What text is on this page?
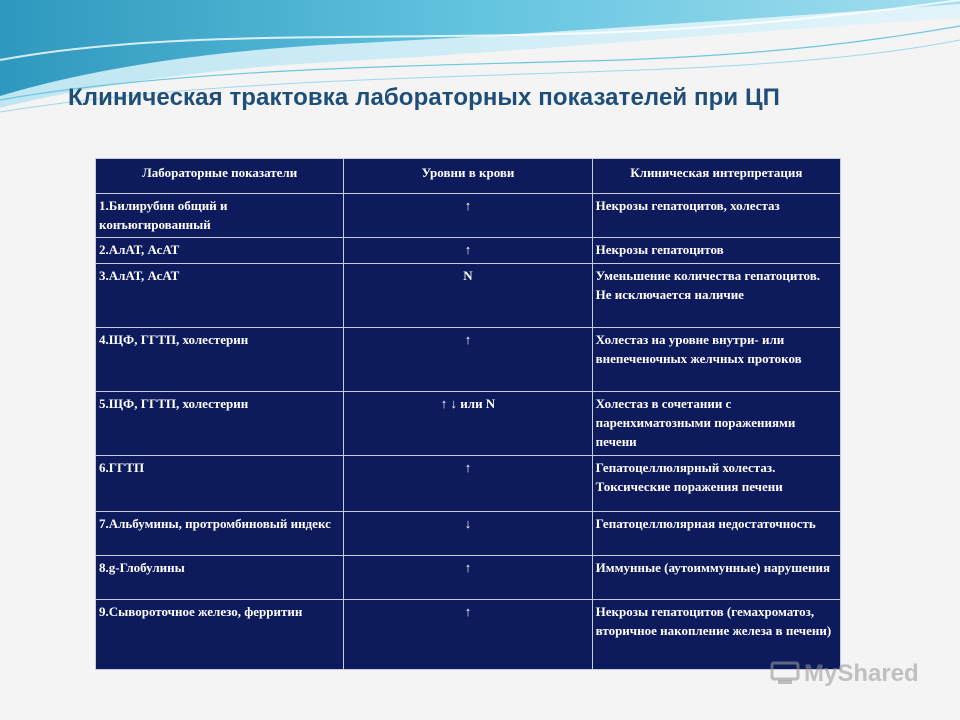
Клиническая трактовка лабораторных показателей при ЦП
Лабораторные показатели	Уровни в крови	Клиническая интерпретация
1.Билирубин общий и конъюгированный	↑	Некрозы гепатоцитов, холестаз
2.АлАТ, АсАТ	↑	Некрозы гепатоцитов
3.АлАТ, АсАТ	N	Уменьшение количества гепатоцитов. Не исключается наличие
4.ЩФ, ГГТП, холестерин	↑	Холестаз на уровне внутри- или внепеченочных желчных протоков
5.ЩФ, ГГТП, холестерин	↑ ↓ или N	Холестаз в сочетании с паренхиматозными поражениями печени
6.ГГТП	↑	Гепатоцеллюлярный холестаз. Токсические поражения печени
7.Альбумины, протромбиновый индекс	↓	Гепатоцеллюлярная недостаточность
8.g-Глобулины	↑	Иммунные (аутоиммунные) нарушения
9.Сывороточное железо, ферритин	↑	Некрозы гепатоцитов (гемахроматоз, вторичное накопление железа в печени)
MyShared
